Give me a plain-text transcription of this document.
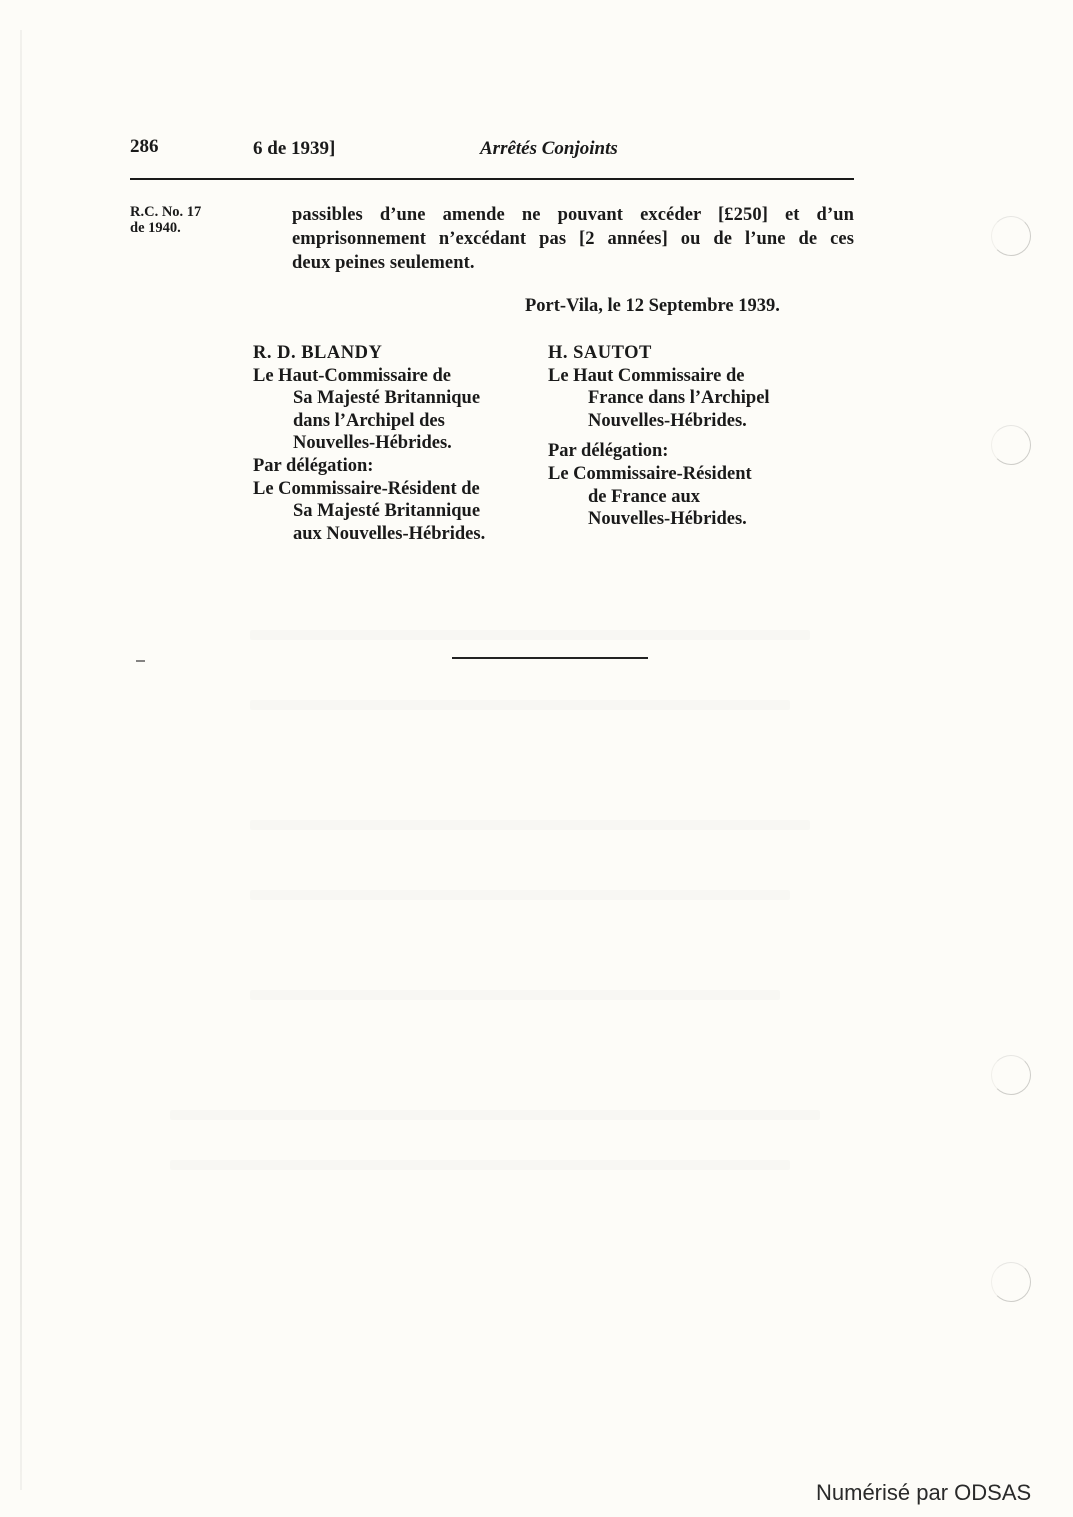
286	6 de 1939]	Arrêtés Conjoints
R.C. No. 17
de 1940.
passibles d’une amende ne pouvant excéder [£250] et d’un
emprisonnement n’excédant pas [2 années] ou de l’une de ces
deux peines seulement.
Port-Vila, le 12 Septembre 1939.
R. D. BLANDY
Le Haut-Commissaire de
Sa Majesté Britannique
dans l’Archipel des
Nouvelles-Hébrides.
Par délégation:
Le Commissaire-Résident de
Sa Majesté Britannique
aux Nouvelles-Hébrides.
H. SAUTOT
Le Haut Commissaire de
France dans l’Archipel
Nouvelles-Hébrides.
Par délégation:
Le Commissaire-Résident
de France aux
Nouvelles-Hébrides.
Numérisé par ODSAS
